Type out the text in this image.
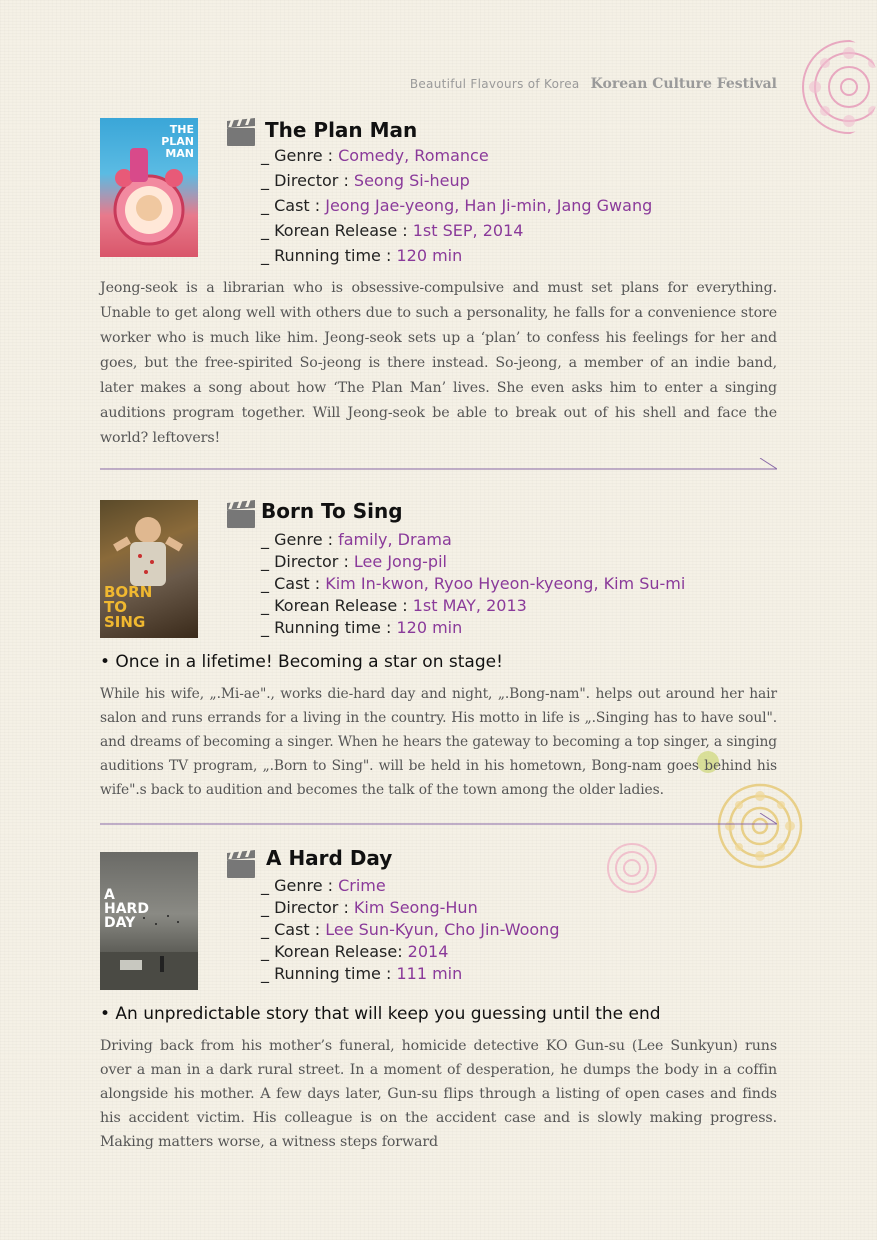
Beautiful Flavours of Korea Korean Culture Festival
THE PLAN MAN
The Plan Man
_ Genre : Comedy, Romance
_ Director : Seong Si-heup
_ Cast : Jeong Jae-yeong, Han Ji-min, Jang Gwang
_ Korean Release : 1st SEP, 2014
_ Running time : 120 min
Jeong-seok is a librarian who is obsessive-compulsive and must set plans for everything. Unable to get along well with others due to such a personality, he falls for a convenience store worker who is much like him. Jeong-seok sets up a ‘plan’ to confess his feelings for her and goes, but the free-spirited So-jeong is there instead. So-jeong, a member of an indie band, later makes a song about how ‘The Plan Man’ lives. She even asks him to enter a singing auditions program together. Will Jeong-seok be able to break out of his shell and face the world? leftovers!
BORN TO SING
Born To Sing
_ Genre : family, Drama
_ Director : Lee Jong-pil
_ Cast : Kim In-kwon, Ryoo Hyeon-kyeong, Kim Su-mi
_ Korean Release : 1st MAY, 2013
_ Running time : 120 min
• Once in a lifetime! Becoming a star on stage!
While his wife, „.Mi-ae"., works die-hard day and night, „.Bong-nam". helps out around her hair salon and runs errands for a living in the country. His motto in life is „.Singing has to have soul". and dreams of becoming a singer. When he hears the gateway to becoming a top singer, a singing auditions TV program, „.Born to Sing". will be held in his hometown, Bong-nam goes behind his wife".s back to audition and becomes the talk of the town among the older ladies.
A HARD DAY
A Hard Day
_ Genre : Crime
_ Director : Kim Seong-Hun
_ Cast : Lee Sun-Kyun, Cho Jin-Woong
_ Korean Release: 2014
_ Running time : 111 min
• An unpredictable story that will keep you guessing until the end
Driving back from his mother’s funeral, homicide detective KO Gun-su (Lee Sunkyun) runs over a man in a dark rural street. In a moment of desperation, he dumps the body in a coffin alongside his mother. A few days later, Gun-su flips through a listing of open cases and finds his accident victim. His colleague is on the accident case and is slowly making progress. Making matters worse, a witness steps forward
